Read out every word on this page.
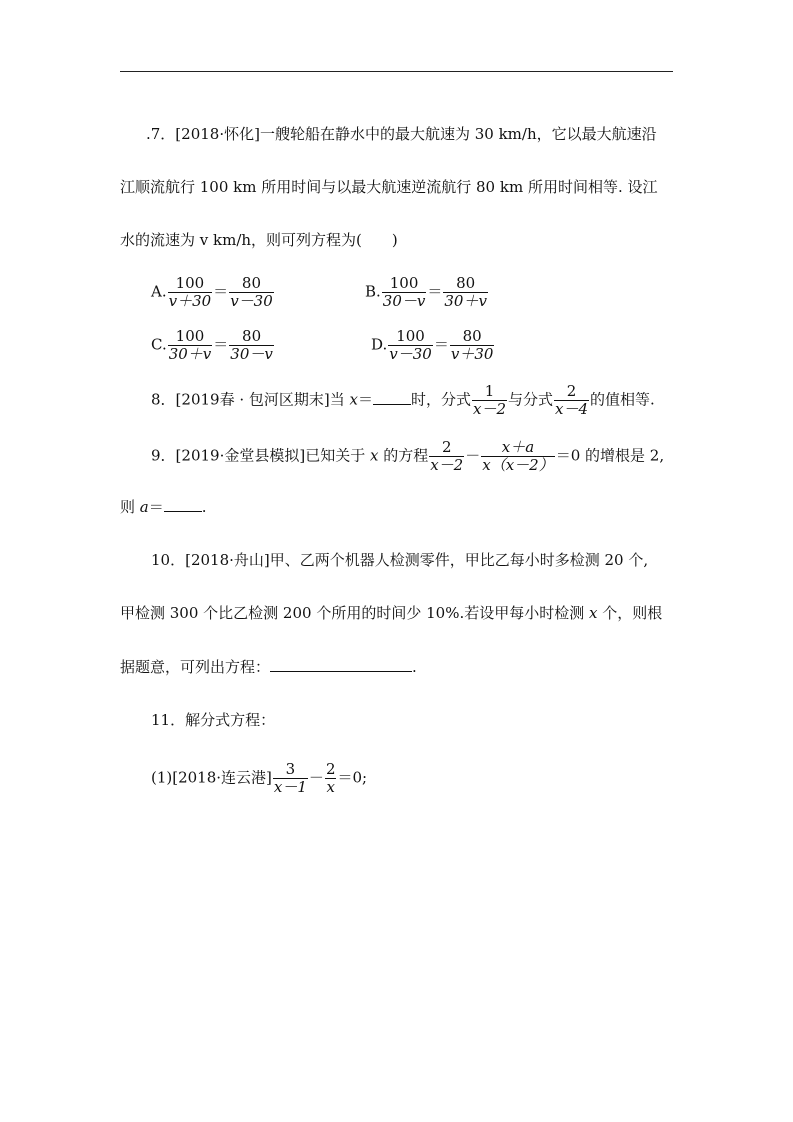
.7．[2018·怀化]一艘轮船在静水中的最大航速为 30 km/h，它以最大航速沿
江顺流航行 100 km 所用时间与以最大航速逆流航行 80 km 所用时间相等. 设江
水的流速为 v km/h，则可列方程为(　　)
A. $\frac{100}{v+30} = \frac{80}{v-30}$	B. $\frac{100}{30-v} = \frac{80}{30+v}$
C. $\frac{100}{30+v} = \frac{80}{30-v}$	D. $\frac{100}{v-30} = \frac{80}{v+30}$
8．[2019春 · 包河区期末]当 x＝	时，分式 $\frac{1}{x-2}$ 与分式 $\frac{2}{x-4}$ 的值相等.
9．[2019·金堂县模拟]已知关于 x 的方程 $\frac{2}{x-2} - \frac{x+a}{x(x-2)} =0$ 的增根是 2,
则 a＝	.
10．[2018·舟山]甲、乙两个机器人检测零件，甲比乙每小时多检测 20 个,
甲检测 300 个比乙检测 200 个所用的时间少 10%.若设甲每小时检测 x 个，则根
据题意，可列出方程：	.
11．解分式方程：
(1)[2018·连云港] $\frac{3}{x-1} - \frac{2}{x} =0$;
